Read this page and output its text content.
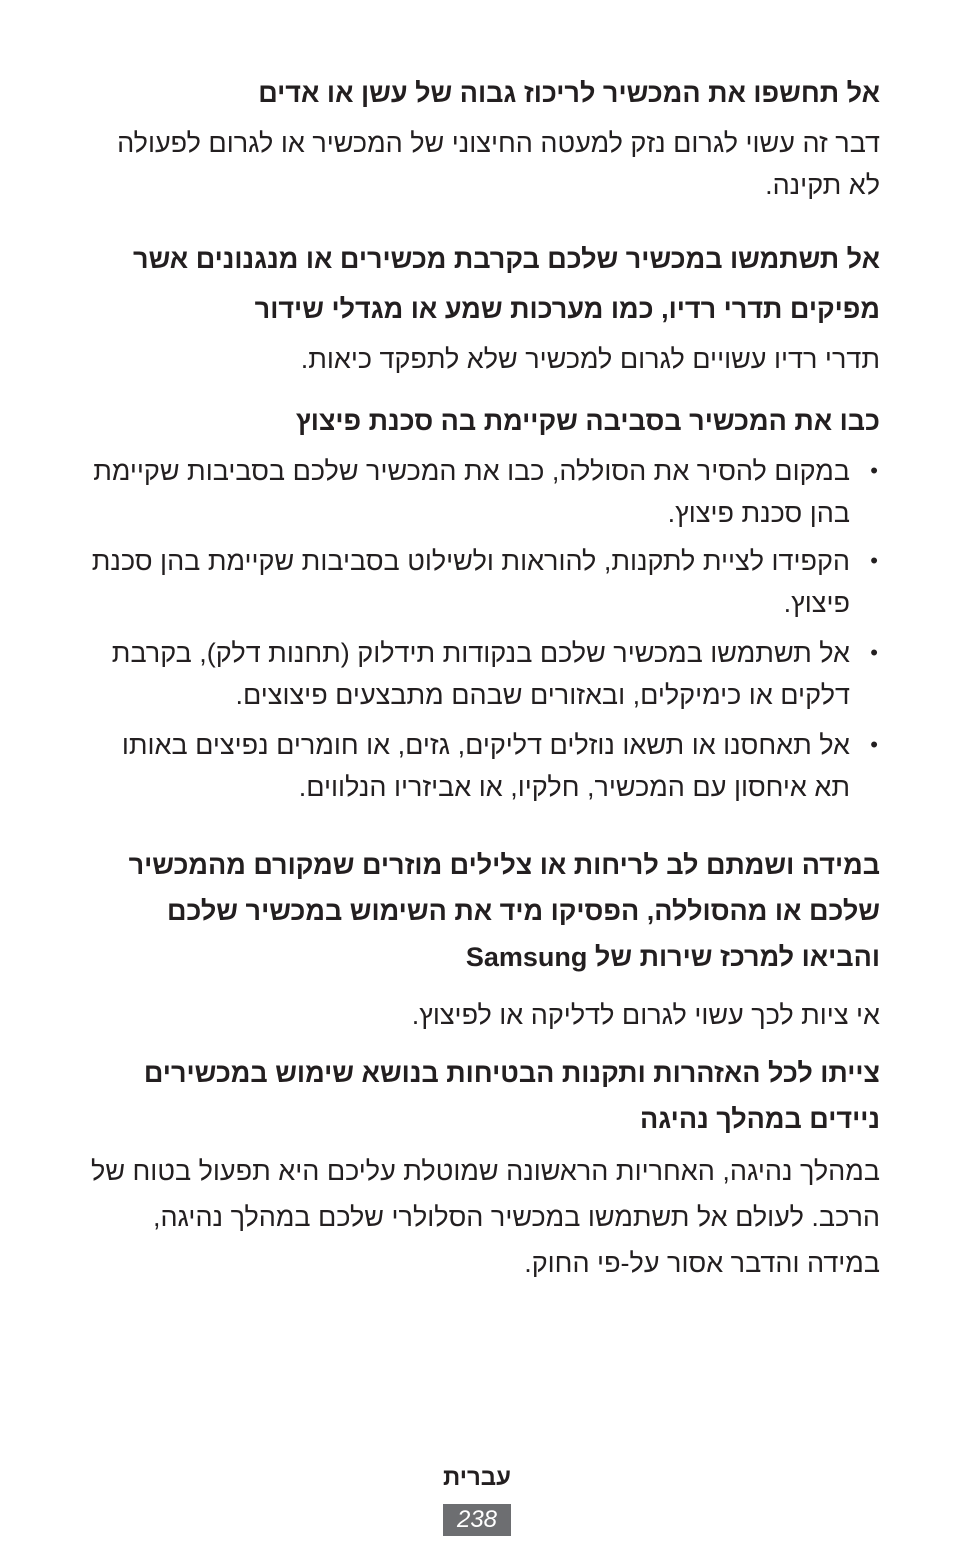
אל תחשפו את המכשיר לריכוז גבוה של עשן או אדים

דבר זה עשוי לגרום נזק למעטה החיצוני של המכשיר או לגרום לפעולה לא תקינה.

אל תשתמשו במכשיר שלכם בקרבת מכשירים או מנגנונים אשר מפיקים תדרי רדיו, כמו מערכות שמע או מגדלי שידור

תדרי רדיו עשויים לגרום למכשיר שלא לתפקד כיאות.

כבו את המכשיר בסביבה שקיימת בה סכנת פיצוץ
•
במקום להסיר את הסוללה, כבו את המכשיר שלכם בסביבות שקיימת בהן סכנת פיצוץ.
•
הקפידו לציית לתקנות, להוראות ולשילוט בסביבות שקיימת בהן סכנת פיצוץ.
•
אל תשתמשו במכשיר שלכם בנקודות תידלוק (תחנות דלק), בקרבת דלקים או כימיקלים, ובאזורים שבהם מתבצעים פיצוצים.
•
אל תאחסנו או תשאו נוזלים דליקים, גזים, או חומרים נפיצים באותו תא איחסון עם המכשיר, חלקיו, או אביזריו הנלווים.
במידה ושמתם לב לריחות או צלילים מוזרים שמקורם מהמכשיר שלכם או מהסוללה, הפסיקו מיד את השימוש במכשיר שלכם והביאו למרכז שירות של Samsung

אי ציות לכך עשוי לגרום לדליקה או לפיצוץ.

צייתו לכל האזהרות ותקנות הבטיחות בנושא שימוש במכשירים ניידים במהלך נהיגה

במהלך נהיגה, האחריות הראשונה שמוטלת עליכם היא תפעול בטוח של הרכב. לעולם אל תשתמשו במכשיר הסלולרי שלכם במהלך נהיגה, במידה והדבר אסור על-פי החוק.

עברית
238
